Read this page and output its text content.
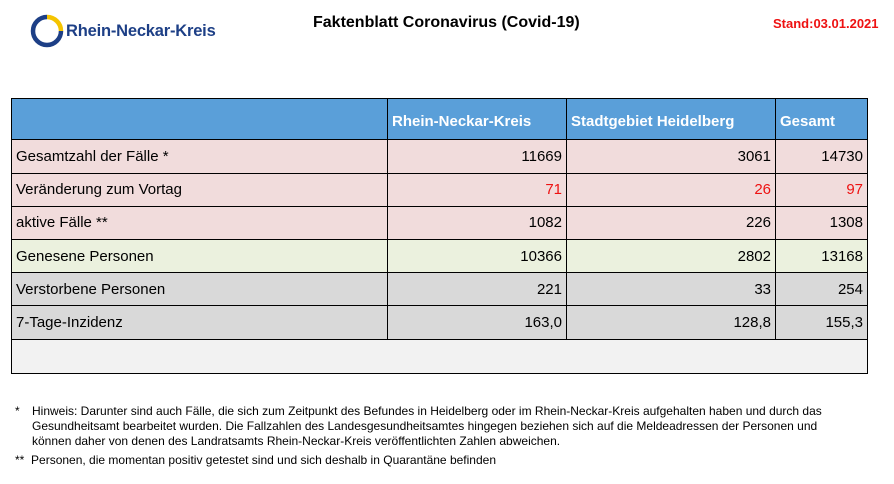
Rhein-Neckar-Kreis	Faktenblatt Coronavirus (Covid-19)	Stand:03.01.2021
	Rhein-Neckar-Kreis	Stadtgebiet Heidelberg	Gesamt
Gesamtzahl der Fälle *	11669	3061	14730
Veränderung zum Vortag	71	26	97
aktive Fälle **	1082	226	1308
Genesene Personen	10366	2802	13168
Verstorbene Personen	221	33	254
7-Tage-Inzidenz	163,0	128,8	155,3

*	Hinweis: Darunter sind auch Fälle, die sich zum Zeitpunkt des Befundes in Heidelberg oder im Rhein-Neckar-Kreis aufgehalten haben und durch das Gesundheitsamt bearbeitet wurden. Die Fallzahlen des Landesgesundheitsamtes hingegen beziehen sich auf die Meldeadressen der Personen und können daher von denen des Landratsamts Rhein-Neckar-Kreis veröffentlichten Zahlen abweichen.
** Personen, die momentan positiv getestet sind und sich deshalb in Quarantäne befinden
